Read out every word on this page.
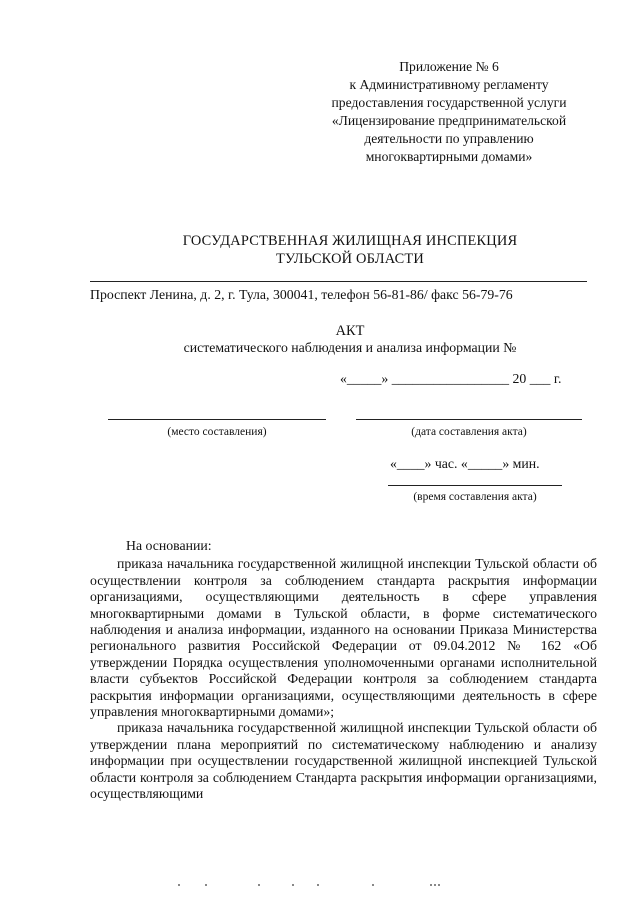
Приложение № 6
к Административному регламенту
предоставления государственной услуги
«Лицензирование предпринимательской
деятельности по управлению
многоквартирными домами»
ГОСУДАРСТВЕННАЯ ЖИЛИЩНАЯ ИНСПЕКЦИЯ
ТУЛЬСКОЙ ОБЛАСТИ
Проспект Ленина, д. 2, г. Тула, 300041, телефон 56-81-86/ факс 56-79-76
АКТ
систематического наблюдения и анализа информации №
«_____» _________________ 20 ___ г.
(место составления)	(дата составления акта)
«____» час. «_____» мин.
(время составления акта)

На основании:

приказа начальника государственной жилищной инспекции Тульской области об осуществлении контроля за соблюдением стандарта раскрытия информации организациями, осуществляющими деятельность в сфере управления многоквартирными домами в Тульской области, в форме систематического наблюдения и анализа информации, изданного на основании Приказа Министерства регионального развития Российской Федерации от 09.04.2012 № 162 «Об утверждении Порядка осуществления уполномоченными органами исполнительной власти субъектов Российской Федерации контроля за соблюдением стандарта раскрытия информации организациями, осуществляющими деятельность в сфере управления многоквартирными домами»;

приказа начальника государственной жилищной инспекции Тульской области об утверждении плана мероприятий по систематическому наблюдению и анализу информации при осуществлении государственной жилищной инспекцией Тульской области контроля за соблюдением Стандарта раскрытия информации организациями, осуществляющими
